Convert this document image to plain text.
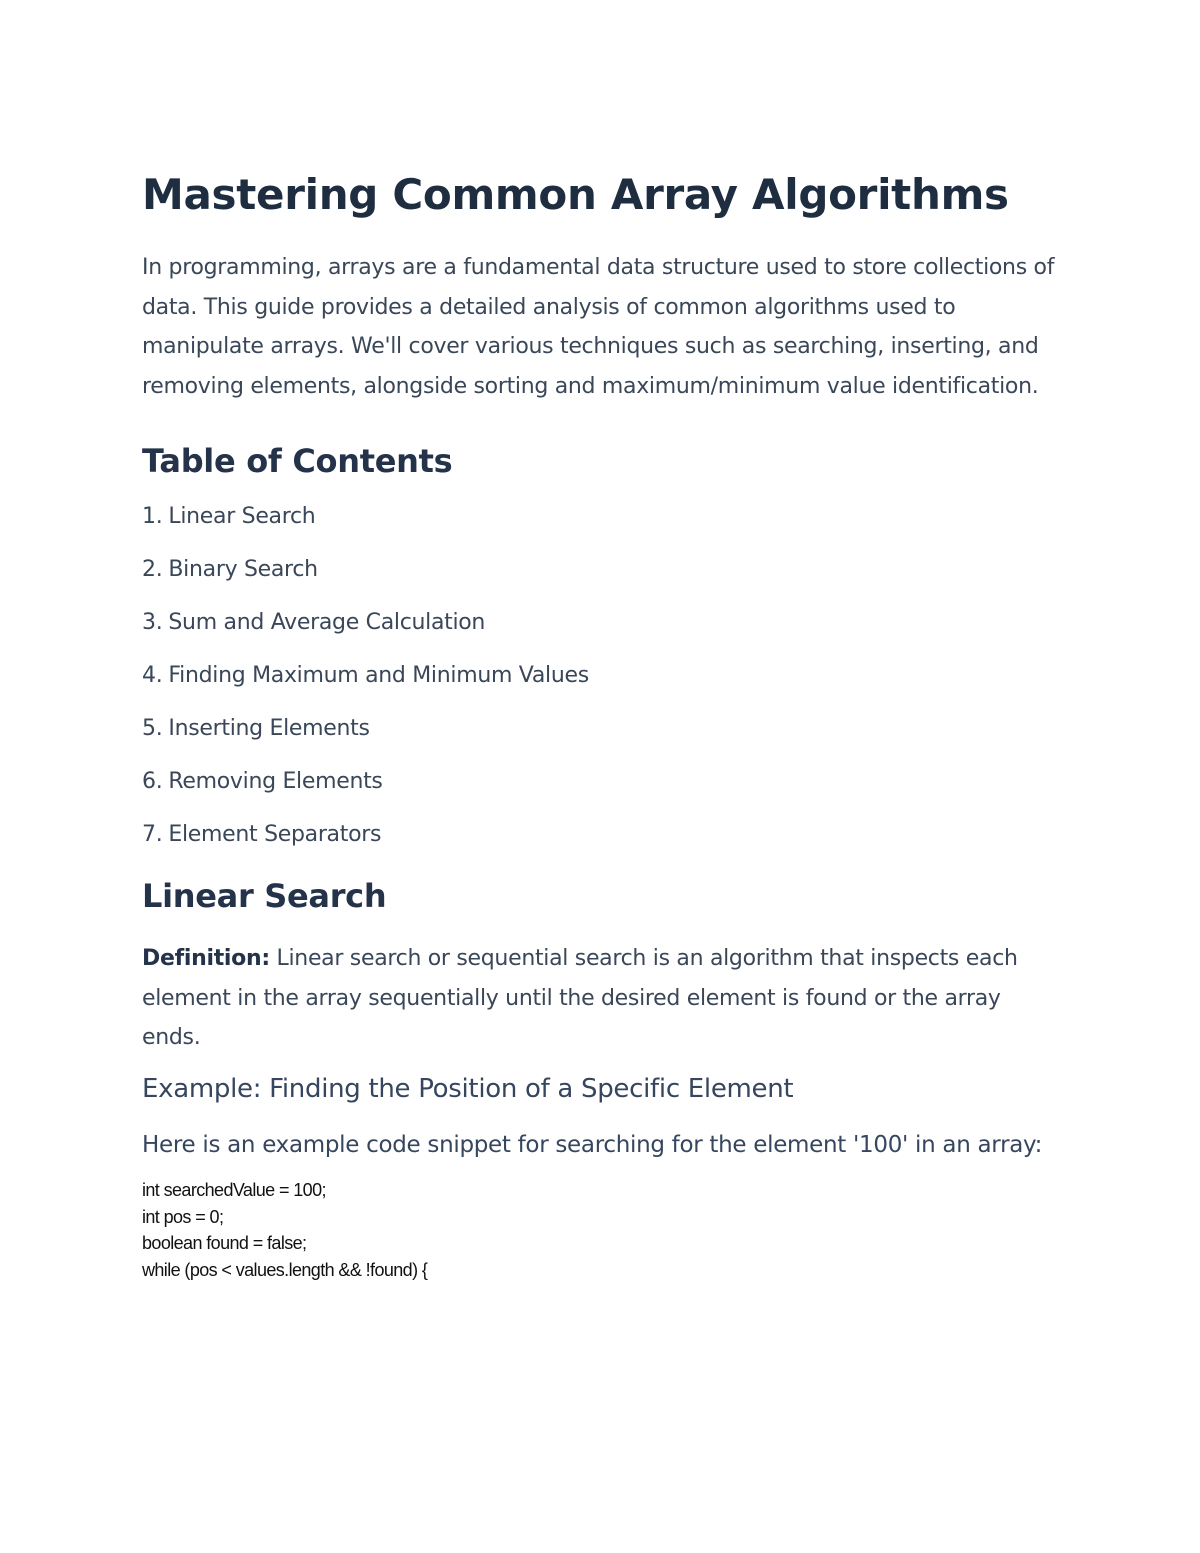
Mastering Common Array Algorithms

In programming, arrays are a fundamental data structure used to store collections of data. This guide provides a detailed analysis of common algorithms used to manipulate arrays. We'll cover various techniques such as searching, inserting, and removing elements, alongside sorting and maximum/minimum value identification.

Table of Contents
1. Linear Search
2. Binary Search
3. Sum and Average Calculation
4. Finding Maximum and Minimum Values
5. Inserting Elements
6. Removing Elements
7. Element Separators
Linear Search

Definition: Linear search or sequential search is an algorithm that inspects each element in the array sequentially until the desired element is found or the array ends.

Example: Finding the Position of a Specific Element

Here is an example code snippet for searching for the element '100' in an array:

int searchedValue = 100;
int pos = 0;
boolean found = false;
while (pos < values.length && !found) {
